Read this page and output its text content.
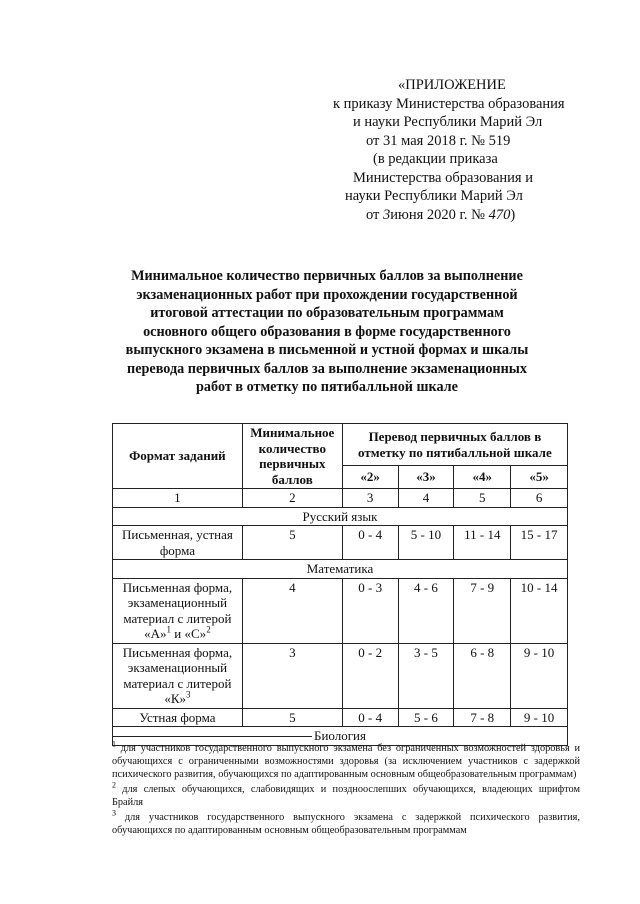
«ПРИЛОЖЕНИЕ
к приказу Министерства образования
и науки Республики Марий Эл
от 31 мая 2018 г. № 519
(в редакции приказа
Министерства образования и
науки Республики Марий Эл
от 3июня 2020 г. № 470)
Минимальное количество первичных баллов за выполнение экзаменационных работ при прохождении государственной итоговой аттестации по образовательным программам основного общего образования в форме государственного выпускного экзамена в письменной и устной формах и шкалы перевода первичных баллов за выполнение экзаменационных работ в отметку по пятибалльной шкале
Формат заданий	Минимальное количество первичных баллов	Перевод первичных баллов в отметку по пятибалльной шкале			
		«2»	«3»	«4»	«5»
1	2	3	4	5	6
Русский язык					
Письменная, устная форма	5	0 - 4	5 - 10	11 - 14	15 - 17
Математика					
Письменная форма, экзаменационный материал с литерой «А»$^1$ и «С»$^2$	4	0 - 3	4 - 6	7 - 9	10 - 14
Письменная форма, экзаменационный материал с литерой «К»$^3$	3	0 - 2	3 - 5	6 - 8	9 - 10
Устная форма	5	0 - 4	5 - 6	7 - 8	9 - 10
Биология					

$^1$ для участников государственного выпускного экзамена без ограниченных возможностей здоровья и обучающихся с ограниченными возможностями здоровья (за исключением участников с задержкой психического развития, обучающихся по адаптированным основным общеобразовательным программам)

$^2$ для слепых обучающихся, слабовидящих и поздноослепших обучающихся, владеющих шрифтом Брайля

$^3$ для участников государственного выпускного экзамена с задержкой психического развития, обучающихся по адаптированным основным общеобразовательным программам
